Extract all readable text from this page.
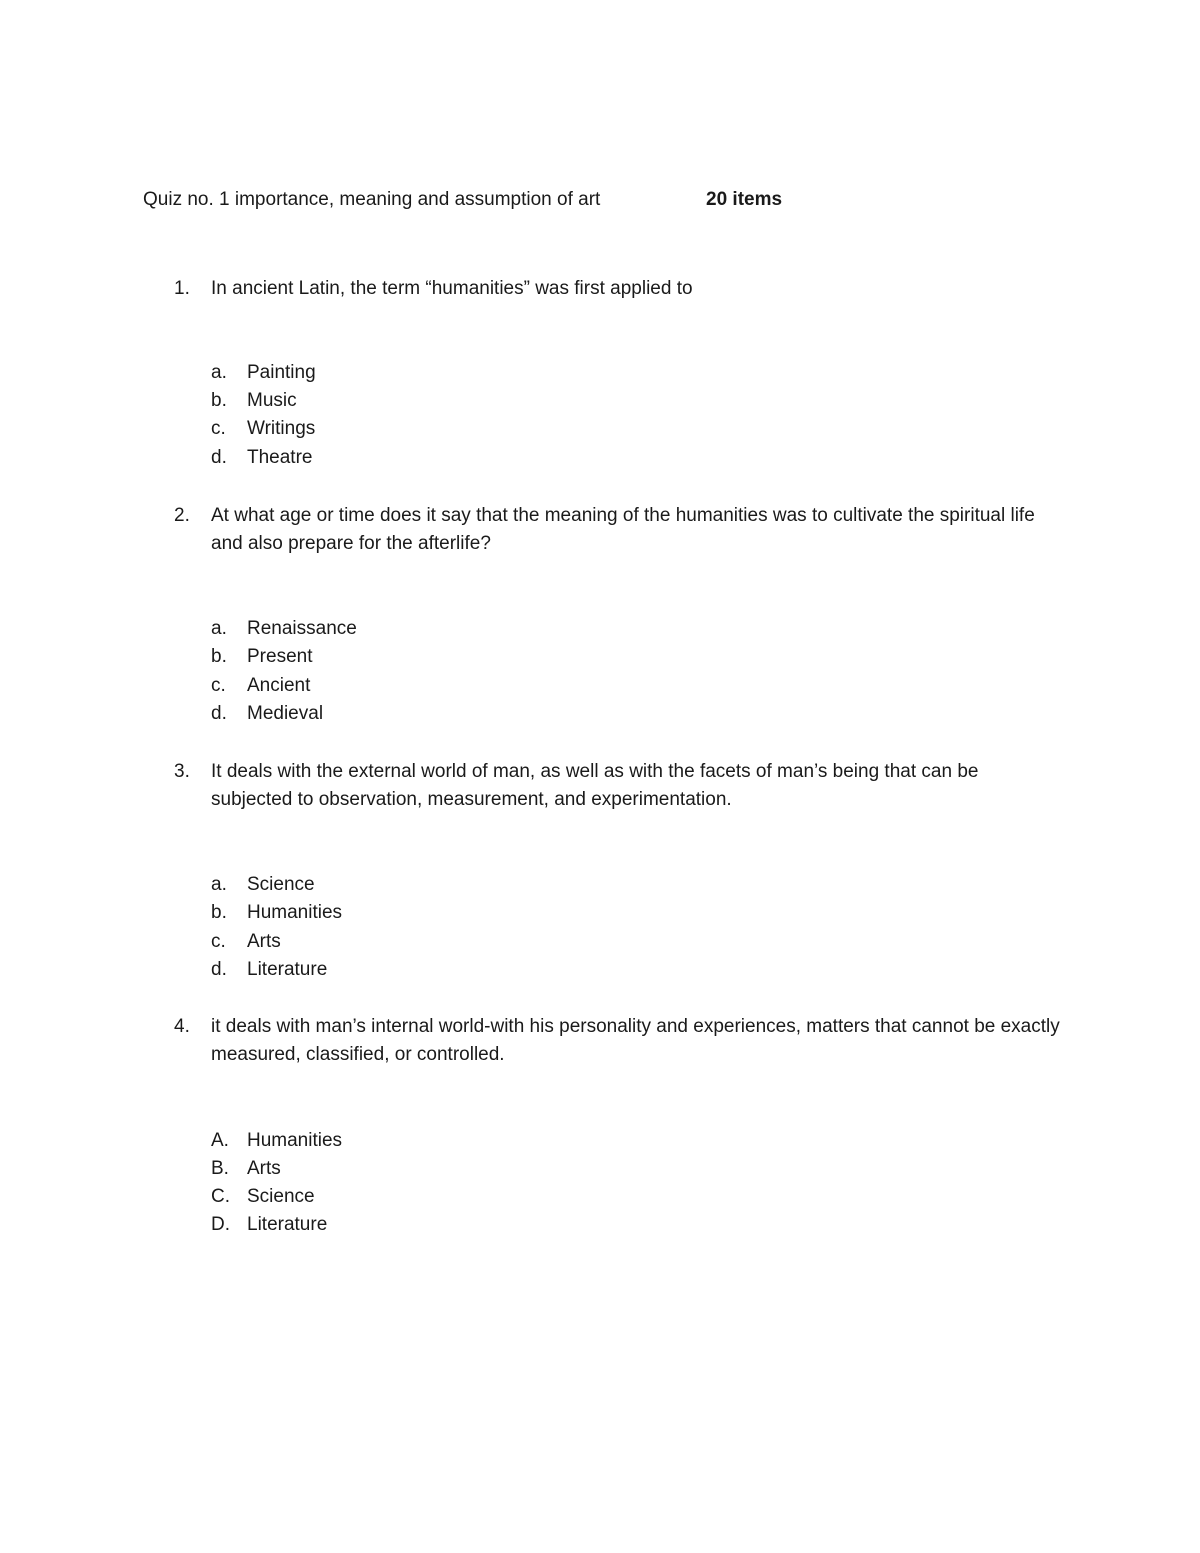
Quiz no. 1 importance, meaning and assumption of art	20 items
1. In ancient Latin, the term “humanities” was first applied to
a. Painting
b. Music
c. Writings
d. Theatre
2. At what age or time does it say that the meaning of the humanities was to cultivate the spiritual life and also prepare for the afterlife?
a. Renaissance
b. Present
c. Ancient
d. Medieval
3. It deals with the external world of man, as well as with the facets of man’s being that can be subjected to observation, measurement, and experimentation.
a. Science
b. Humanities
c. Arts
d. Literature
4. it deals with man’s internal world-with his personality and experiences, matters that cannot be exactly measured, classified, or controlled.
A. Humanities
B. Arts
C. Science
D. Literature
